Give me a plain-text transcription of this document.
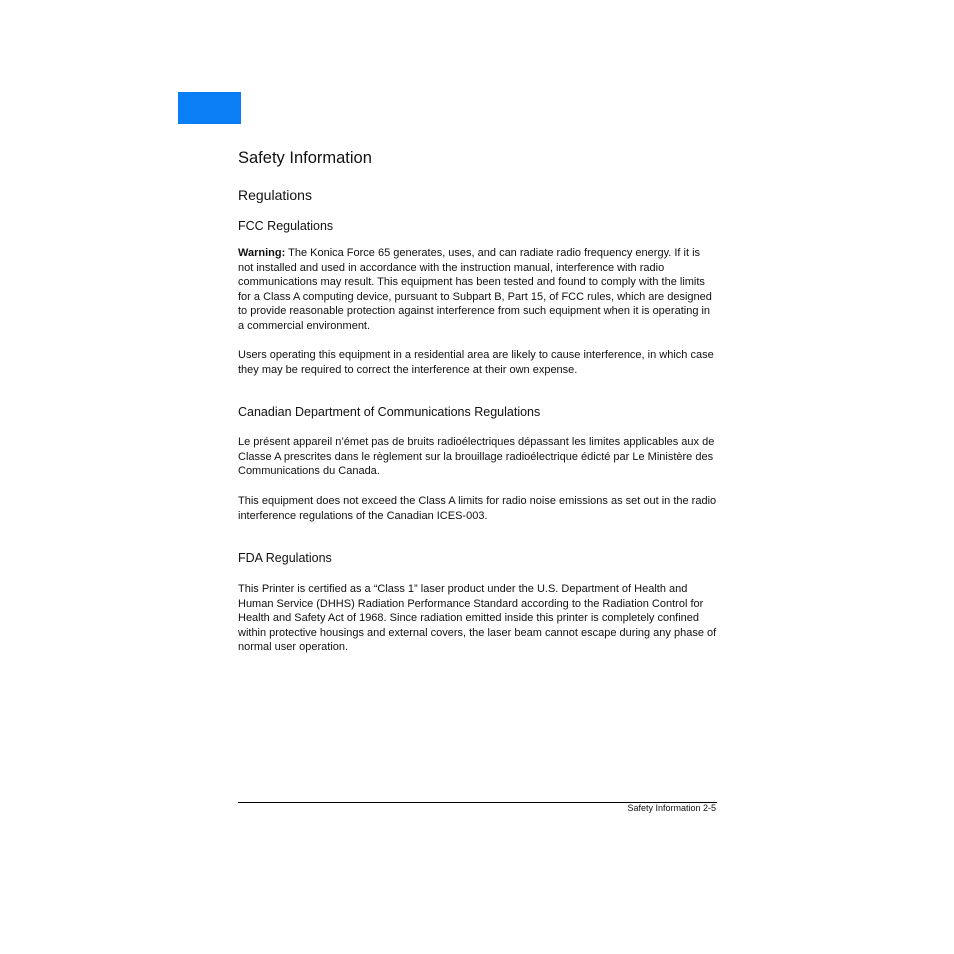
Safety Information
Regulations
FCC Regulations

Warning: The Konica Force 65 generates, uses, and can radiate radio frequency energy. If it is not installed and used in accordance with the instruction manual, interference with radio communications may result. This equipment has been tested and found to comply with the limits for a Class A computing device, pursuant to Subpart B, Part 15, of FCC rules, which are designed to provide reasonable protection against interference from such equipment when it is operating in a commercial environment.

Users operating this equipment in a residential area are likely to cause interference, in which case they may be required to correct the interference at their own expense.

Canadian Department of Communications Regulations

Le présent appareil n’émet pas de bruits radioélectriques dépassant les limites applicables aux de Classe A prescrites dans le règlement sur la brouillage radioélectrique édicté par Le Ministère des Communications du Canada.

This equipment does not exceed the Class A limits for radio noise emissions as set out in the radio interference regulations of the Canadian ICES-003.

FDA Regulations

This Printer is certified as a “Class 1” laser product under the U.S. Department of Health and Human Service (DHHS) Radiation Performance Standard according to the Radiation Control for Health and Safety Act of 1968. Since radiation emitted inside this printer is completely confined within protective housings and external covers, the laser beam cannot escape during any phase of normal user operation.

Safety Information 2-5
